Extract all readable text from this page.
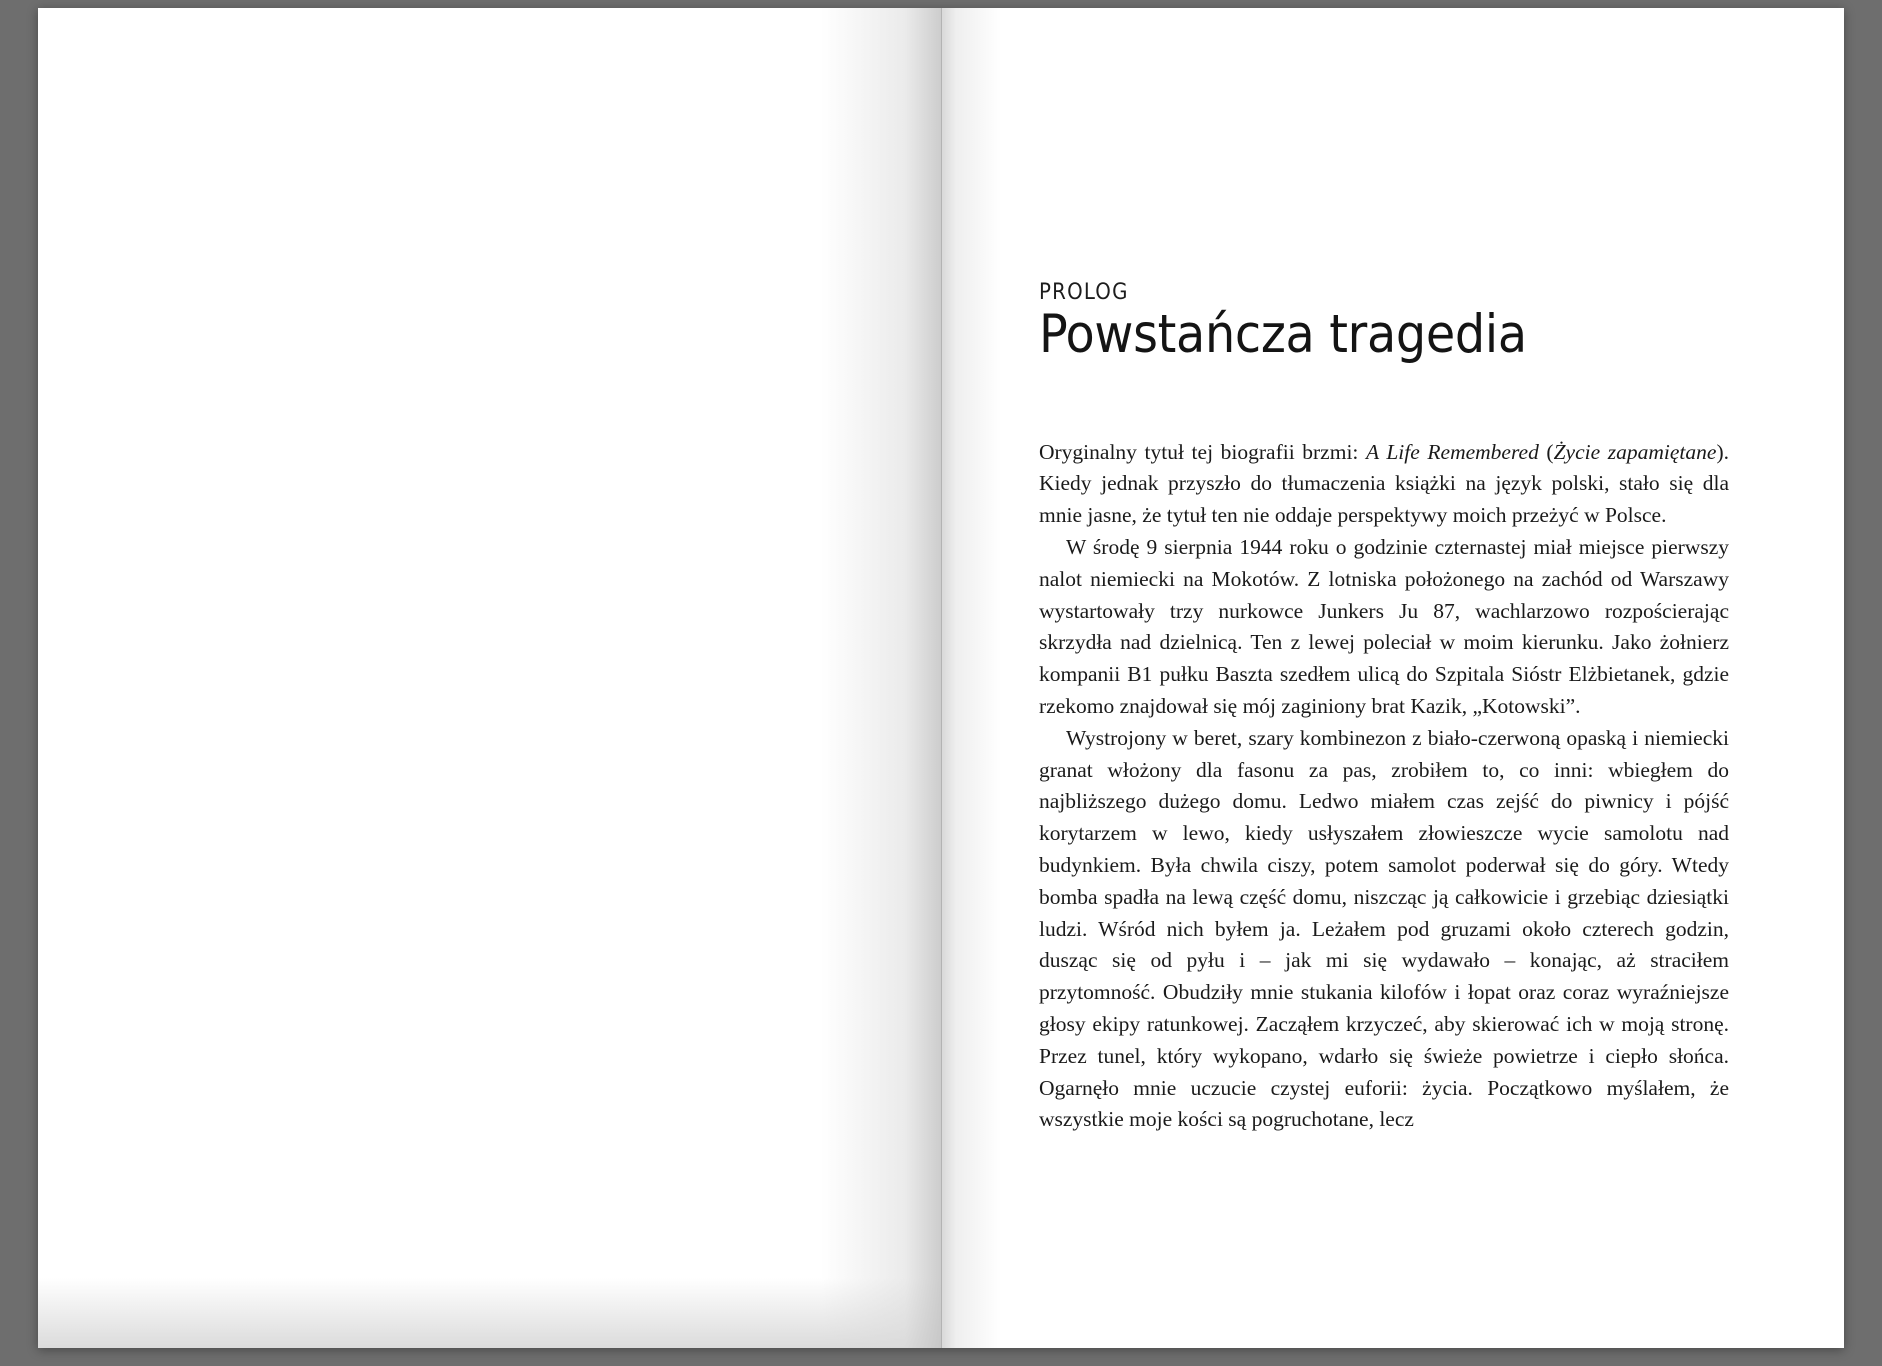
PROLOG
Powstańcza tragedia

Oryginalny tytuł tej biografii brzmi: A Life Remembered (Życie zapamiętane). Kiedy jednak przyszło do tłumaczenia książki na język polski, stało się dla mnie jasne, że tytuł ten nie oddaje perspektywy moich przeżyć w Polsce.

W środę 9 sierpnia 1944 roku o godzinie czternastej miał miejsce pierwszy nalot niemiecki na Mokotów. Z lotniska położonego na zachód od Warszawy wystartowały trzy nurkowce Junkers Ju 87, wachlarzowo rozpościerając skrzydła nad dzielnicą. Ten z lewej poleciał w moim kierunku. Jako żołnierz kompanii B1 pułku Baszta szedłem ulicą do Szpitala Sióstr Elżbietanek, gdzie rzekomo znajdował się mój zaginiony brat Kazik, „Kotowski”.

Wystrojony w beret, szary kombinezon z biało-czerwoną opaską i niemiecki granat włożony dla fasonu za pas, zrobiłem to, co inni: wbiegłem do najbliższego dużego domu. Ledwo miałem czas zejść do piwnicy i pójść korytarzem w lewo, kiedy usłyszałem złowieszcze wycie samolotu nad budynkiem. Była chwila ciszy, potem samolot poderwał się do góry. Wtedy bomba spadła na lewą część domu, niszcząc ją całkowicie i grzebiąc dziesiątki ludzi. Wśród nich byłem ja. Leżałem pod gruzami około czterech godzin, dusząc się od pyłu i – jak mi się wydawało – konając, aż straciłem przytomność. Obudziły mnie stukania kilofów i łopat oraz coraz wyraźniejsze głosy ekipy ratunkowej. Zacząłem krzyczeć, aby skierować ich w moją stronę. Przez tunel, który wykopano, wdarło się świeże powietrze i ciepło słońca. Ogarnęło mnie uczucie czystej euforii: życia. Początkowo myślałem, że wszystkie moje kości są pogruchotane, lecz
